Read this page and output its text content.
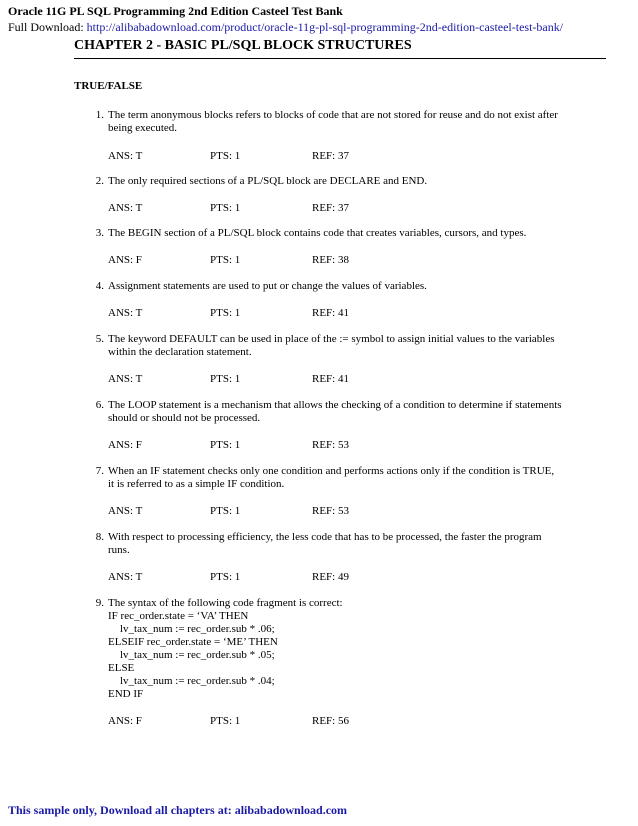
Oracle 11G PL SQL Programming 2nd Edition Casteel Test Bank
Full Download: http://alibabadownload.com/product/oracle-11g-pl-sql-programming-2nd-edition-casteel-test-bank/
CHAPTER 2 - BASIC PL/SQL BLOCK STRUCTURES
TRUE/FALSE
1. The term anonymous blocks refers to blocks of code that are not stored for reuse and do not exist after
being executed.
ANS: T	PTS: 1	REF: 37
2. The only required sections of a PL/SQL block are DECLARE and END.
ANS: T	PTS: 1	REF: 37
3. The BEGIN section of a PL/SQL block contains code that creates variables, cursors, and types.
ANS: F	PTS: 1	REF: 38
4. Assignment statements are used to put or change the values of variables.
ANS: T	PTS: 1	REF: 41
5. The keyword DEFAULT can be used in place of the := symbol to assign initial values to the variables
within the declaration statement.
ANS: T	PTS: 1	REF: 41
6. The LOOP statement is a mechanism that allows the checking of a condition to determine if statements
should or should not be processed.
ANS: F	PTS: 1	REF: 53
7. When an IF statement checks only one condition and performs actions only if the condition is TRUE,
it is referred to as a simple IF condition.
ANS: T	PTS: 1	REF: 53
8. With respect to processing efficiency, the less code that has to be processed, the faster the program
runs.
ANS: T	PTS: 1	REF: 49
9. The syntax of the following code fragment is correct:
IF rec_order.state = ‘VA’ THEN
lv_tax_num := rec_order.sub * .06;
ELSEIF rec_order.state = ‘ME’ THEN
lv_tax_num := rec_order.sub * .05;
ELSE
lv_tax_num := rec_order.sub * .04;
END IF
ANS: F	PTS: 1	REF: 56
This sample only, Download all chapters at: alibabadownload.com
